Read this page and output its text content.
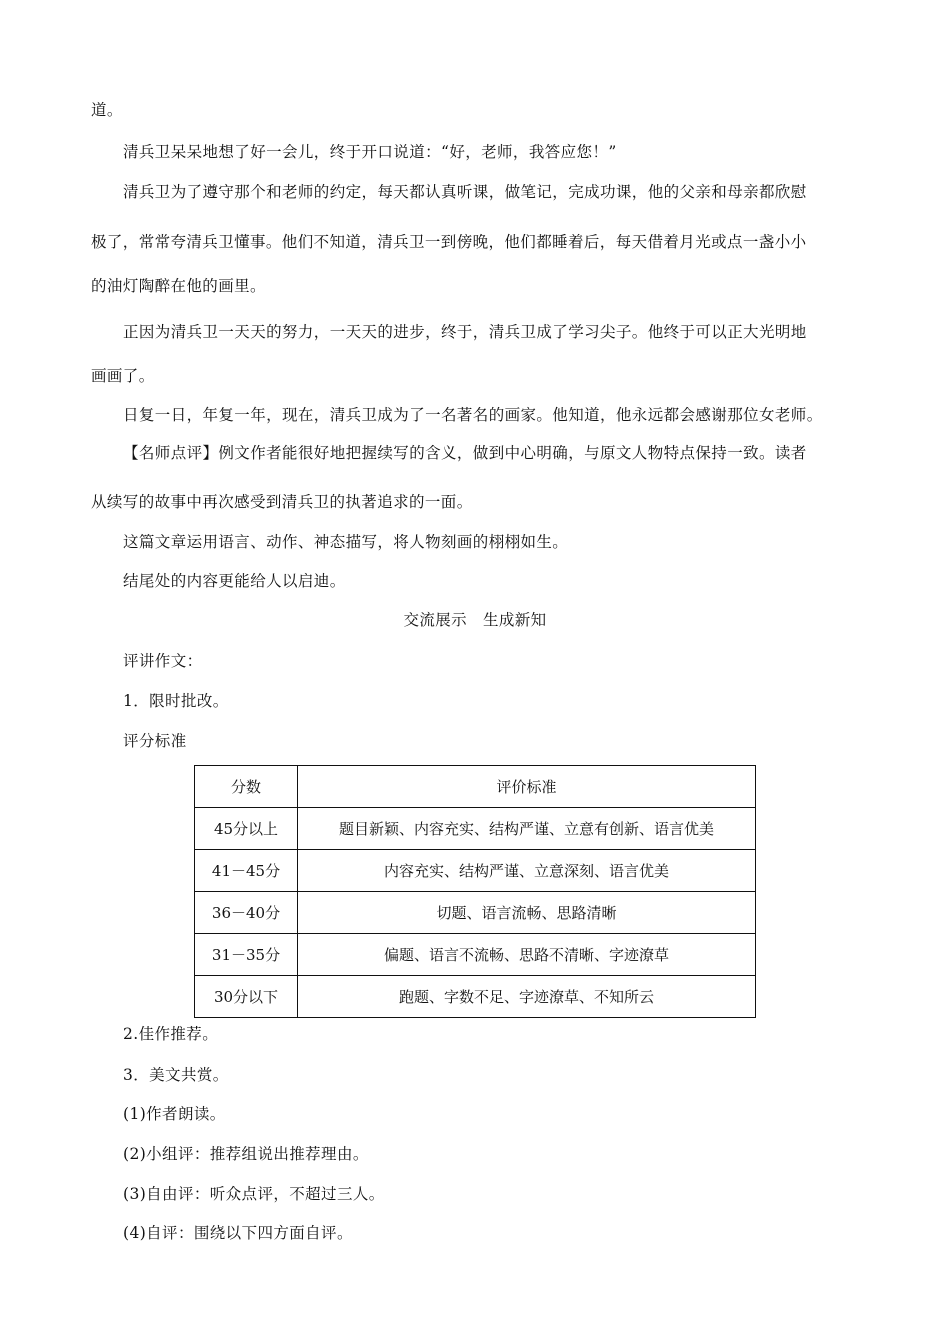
道。
清兵卫呆呆地想了好一会儿，终于开口说道：“好，老师，我答应您！”
清兵卫为了遵守那个和老师的约定，每天都认真听课，做笔记，完成功课，他的父亲和母亲都欣慰
极了，常常夸清兵卫懂事。他们不知道，清兵卫一到傍晚，他们都睡着后，每天借着月光或点一盏小小
的油灯陶醉在他的画里。
正因为清兵卫一天天的努力，一天天的进步，终于，清兵卫成了学习尖子。他终于可以正大光明地
画画了。
日复一日，年复一年，现在，清兵卫成为了一名著名的画家。他知道，他永远都会感谢那位女老师。
【名师点评】例文作者能很好地把握续写的含义，做到中心明确，与原文人物特点保持一致。读者
从续写的故事中再次感受到清兵卫的执著追求的一面。
这篇文章运用语言、动作、神态描写，将人物刻画的栩栩如生。
结尾处的内容更能给人以启迪。
交流展示　生成新知
评讲作文：
1．限时批改。
评分标准
分数	评价标准
45分以上	题目新颖、内容充实、结构严谨、立意有创新、语言优美
41－45分	内容充实、结构严谨、立意深刻、语言优美
36－40分	切题、语言流畅、思路清晰
31－35分	偏题、语言不流畅、思路不清晰、字迹潦草
30分以下	跑题、字数不足、字迹潦草、不知所云
2.佳作推荐。
3．美文共赏。
(1)作者朗读。
(2)小组评：推荐组说出推荐理由。
(3)自由评：听众点评，不超过三人。
(4)自评：围绕以下四方面自评。
